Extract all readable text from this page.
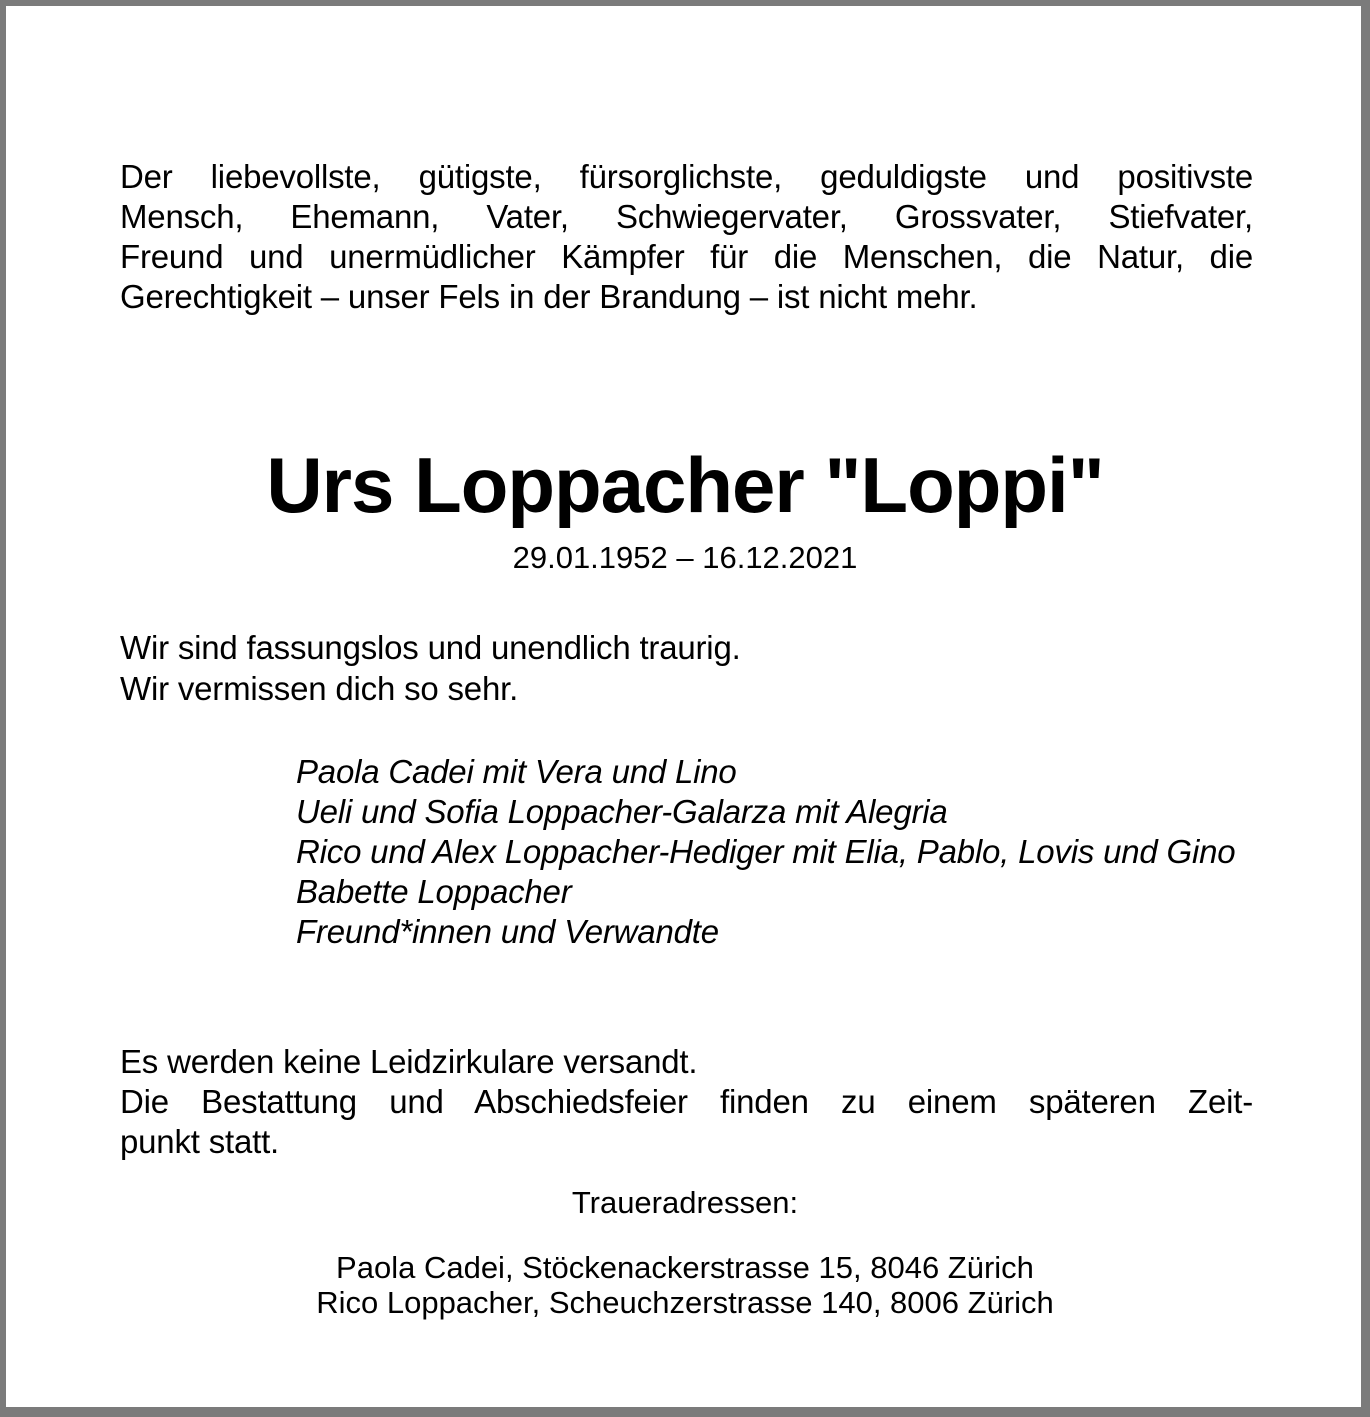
Der liebevollste, gütigste, fürsorglichste, geduldigste und positivste
Mensch, Ehemann, Vater, Schwiegervater, Grossvater, Stiefvater,
Freund und unermüdlicher Kämpfer für die Menschen, die Natur, die
Gerechtigkeit – unser Fels in der Brandung – ist nicht mehr.
Urs Loppacher "Loppi"
29.01.1952 – 16.12.2021
Wir sind fassungslos und unendlich traurig.
Wir vermissen dich so sehr.
Paola Cadei mit Vera und Lino
Ueli und Sofia Loppacher-Galarza mit Alegria
Rico und Alex Loppacher-Hediger mit Elia, Pablo, Lovis und Gino
Babette Loppacher
Freund*innen und Verwandte
Es werden keine Leidzirkulare versandt.
Die Bestattung und Abschiedsfeier finden zu einem späteren Zeit-
punkt statt.
Traueradressen:
Paola Cadei, Stöckenackerstrasse 15, 8046 Zürich
Rico Loppacher, Scheuchzerstrasse 140, 8006 Zürich
